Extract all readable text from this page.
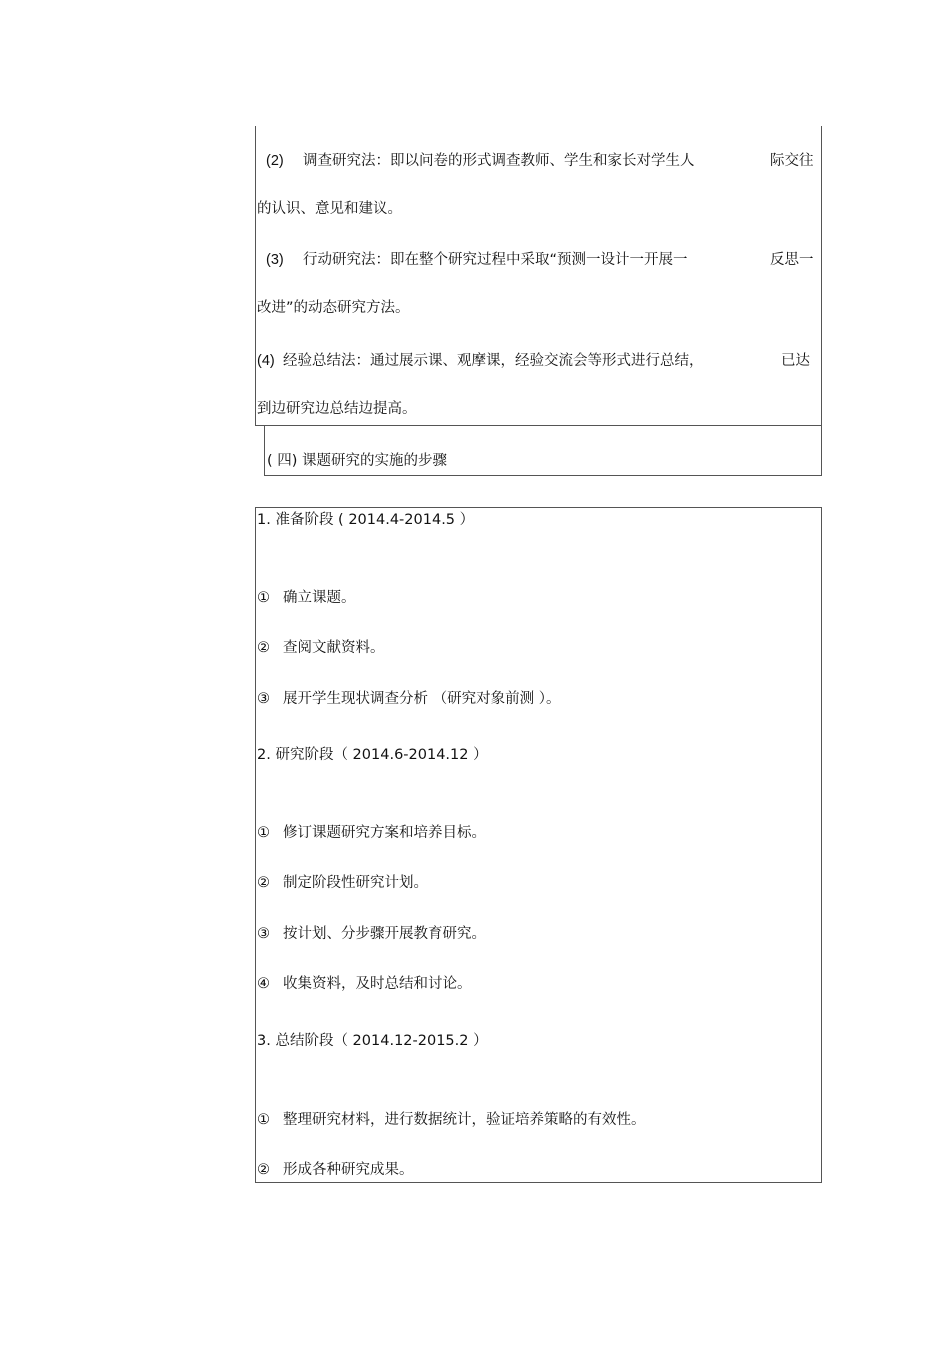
(2) 调查研究法：即以问卷的形式调查教师、学生和家长对学生人	际交往
的认识、意见和建议。
(3) 行动研究法：即在整个研究过程中采取“预测一设计一开展一	反思一
改进”的动态研究方法。
(4) 经验总结法：通过展示课、观摩课，经验交流会等形式进行总结，	已达
到边研究边总结边提高。
( 四) 课题研究的实施的步骤
1. 准备阶段 ( 2014.4-2014.5 ）
① 确立课题。
② 查阅文献资料。
③ 展开学生现状调查分析 （研究对象前测 ）。
2. 研究阶段（ 2014.6-2014.12 ）
① 修订课题研究方案和培养目标。
② 制定阶段性研究计划。
③ 按计划、分步骤开展教育研究。
④ 收集资料，及时总结和讨论。
3. 总结阶段（ 2014.12-2015.2 ）
① 整理研究材料，进行数据统计，验证培养策略的有效性。
② 形成各种研究成果。
